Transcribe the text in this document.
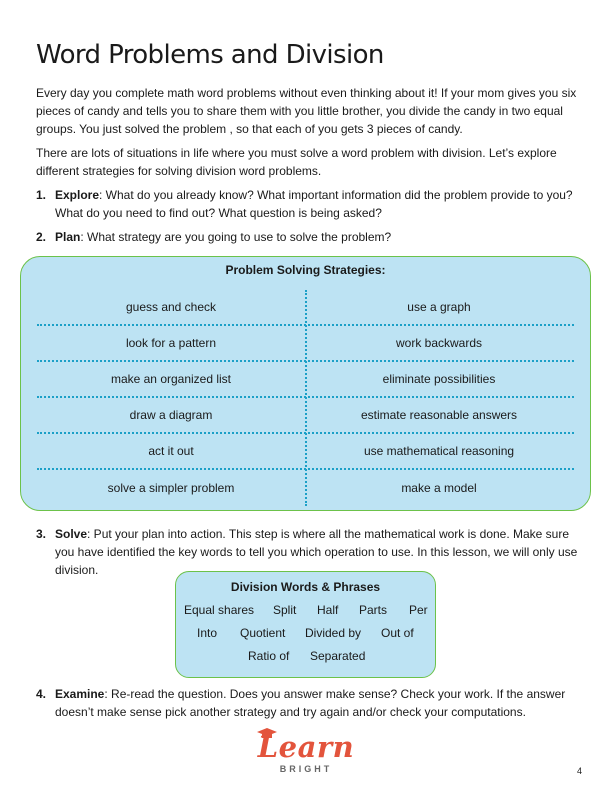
Word Problems and Division

Every day you complete math word problems without even thinking about it! If your mom gives you six pieces of candy and tells you to share them with you little brother, you divide the candy in two equal groups. You just solved the problem , so that each of you gets 3 pieces of candy.

There are lots of situations in life where you must solve a word problem with division. Let’s explore different strategies for solving division word problems.

1. Explore: What do you already know? What important information did the problem provide to you? What do you need to find out? What question is being asked?

2. Plan: What strategy are you going to use to solve the problem?

Problem Solving Strategies:
guess and check	use a graph
look for a pattern	work backwards
make an organized list	eliminate possibilities
draw a diagram	estimate reasonable answers
act it out	use mathematical reasoning
solve a simpler problem	make a model

3. Solve: Put your plan into action. This step is where all the mathematical work is done. Make sure you have identified the key words to tell you which operation to use. In this lesson, we will only use division.

Division Words & Phrases
Equal shares Split Half Parts Per
Into Quotient Divided by Out of
Ratio of Separated

4. Examine: Re-read the question. Does you answer make sense? Check your work. If the answer doesn’t make sense pick another strategy and try again and/or check your computations.

Learn
BRIGHT	4
